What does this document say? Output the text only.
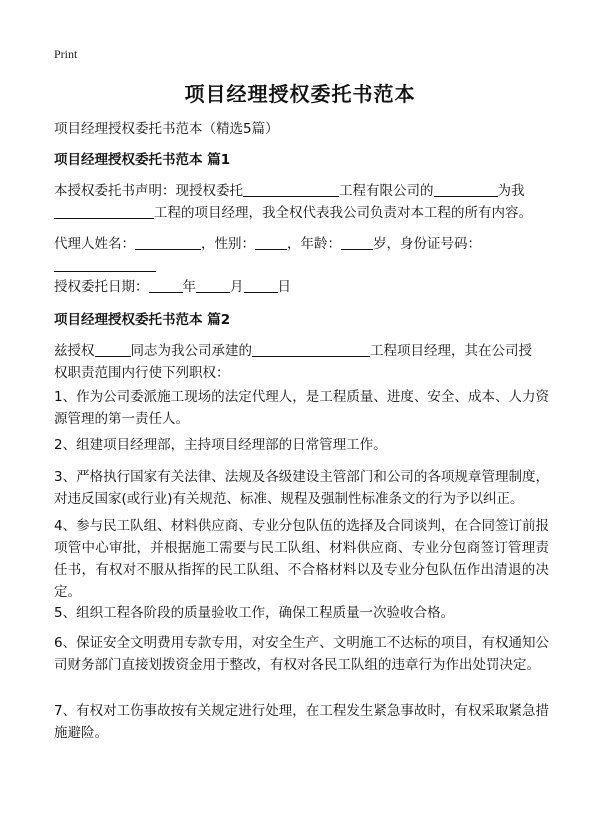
Print
项目经理授权委托书范本
项目经理授权委托书范本（精选5篇）
项目经理授权委托书范本 篇1
本授权委托书声明：现授权委托	工程有限公司的	为我
工程的项目经理，我全权代表我公司负责对本工程的所有内容。
代理人姓名：	，性别： ，年龄： 岁，身份证号码：
授权委托日期：	年	月	日
项目经理授权委托书范本 篇2
兹授权	同志为我公司承建的	工程项目经理，其在公司授
权职责范围内行使下列职权：
1、作为公司委派施工现场的法定代理人，是工程质量、进度、安全、成本、人力资源管理的第一责任人。
2、组建项目经理部，主持项目经理部的日常管理工作。
3、严格执行国家有关法律、法规及各级建设主管部门和公司的各项规章管理制度，对违反国家(或行业)有关规范、标准、规程及强制性标准条文的行为予以纠正。
4、参与民工队组、材料供应商、专业分包队伍的选择及合同谈判，在合同签订前报项管中心审批，并根据施工需要与民工队组、材料供应商、专业分包商签订管理责任书，有权对不服从指挥的民工队组、不合格材料以及专业分包队伍作出清退的决定。
5、组织工程各阶段的质量验收工作，确保工程质量一次验收合格。
6、保证安全文明费用专款专用，对安全生产、文明施工不达标的项目，有权通知公司财务部门直接划拨资金用于整改，有权对各民工队组的违章行为作出处罚决定。
7、有权对工伤事故按有关规定进行处理，在工程发生紧急事故时，有权采取紧急措施避险。
